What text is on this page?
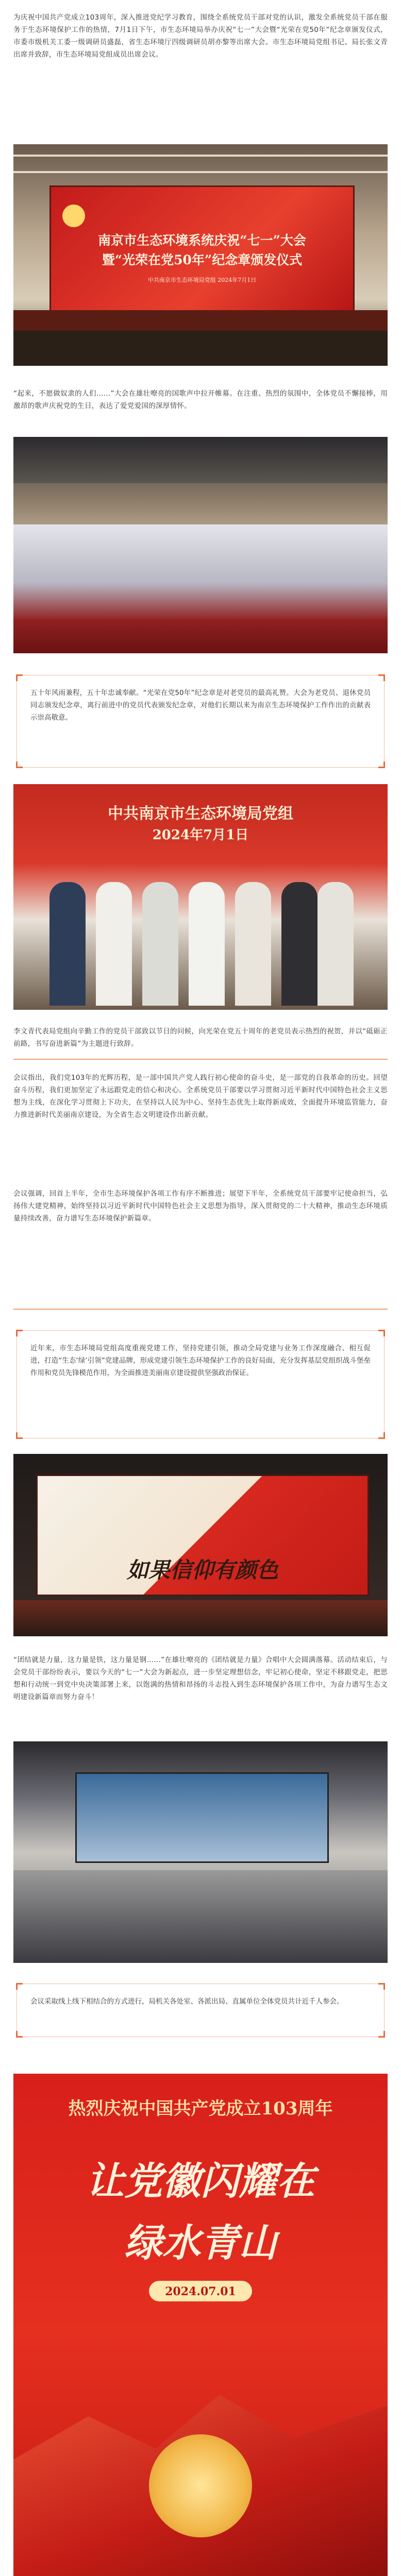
为庆祝中国共产党成立103周年，深入推进党纪学习教育，围绕全系统党员干部对党的认识，激发全系统党员干部在服务于生态环境保护工作的热情，7月1日下午，市生态环境局举办庆祝“七一”大会暨“光荣在党50年”纪念章颁发仪式，市委市级机关工委一级调研员盛磊，省生态环境厅四级调研员胡亦黎等出席大会。市生态环境局党组书记、局长张文青出席并致辞，市生态环境局党组成员出席会议。
南京市生态环境系统庆祝“七一”大会
暨“光荣在党50年”纪念章颁发仪式
中共南京市生态环境局党组 2024年7月1日
“起来，不愿做奴隶的人们……”大会在雄壮嘹亮的国歌声中拉开帷幕。在注重、热烈的氛围中，全体党员不懈接棒，用激昂的歌声庆祝党的生日，表达了爱党爱国的深厚情怀。
五十年风雨兼程，五十年忠诚奉献。“光荣在党50年”纪念章是对老党员的最高礼赞。大会为老党员、退休党员同志颁发纪念章，离行前进中的党员代表颁发纪念章，对他们长期以来为南京生态环境保护工作作出的贡献表示崇高敬意。
中共南京市生态环境局党组
2024年7月1日
李文青代表局党组向辛勤工作的党员干部致以节日的问候，向光荣在党五十周年的老党员表示热烈的祝贺，并以“砥砺正前路，书写奋进新篇”为主题进行致辞。
会议指出，我们党103年的光辉历程，是一部中国共产党人践行初心使命的奋斗史，是一部党的自我革命的历史。回望奋斗历程，我们更加坚定了永远跟党走的信心和决心。全系统党员干部要以学习贯彻习近平新时代中国特色社会主义思想为主线，在深化学习贯彻上下功夫，在坚持以人民为中心、坚持生态优先上取得新成效，全面提升环境监管能力，奋力推进新时代美丽南京建设，为全省生态文明建设作出新贡献。
会议强调，回首上半年，全市生态环境保护各项工作有序不断推进；展望下半年，全系统党员干部要牢记使命担当，弘扬伟大建党精神，始终坚持以习近平新时代中国特色社会主义思想为指导，深入贯彻党的二十大精神，推动生态环境质量持续改善，奋力谱写生态环境保护新篇章。
近年来，市生态环境局党组高度重视党建工作，坚持党建引领，推动全局党建与业务工作深度融合、相互促进，打造“生态‘绿’引领”党建品牌，形成党建引领生态环境保护工作的良好局面，充分发挥基层党组织战斗堡垒作用和党员先锋模范作用，为全面推进美丽南京建设提供坚强政治保证。
如果信仰有颜色
“团结就是力量，这力量是铁，这力量是钢……”在雄壮嘹亮的《团结就是力量》合唱中大会圆满落幕。活动结束后，与会党员干部纷纷表示，要以今天的“七一”大会为新起点，进一步坚定理想信念，牢记初心使命，坚定不移跟党走，把思想和行动统一到党中央决策部署上来，以饱满的热情和昂扬的斗志投入到生态环境保护各项工作中，为奋力谱写生态文明建设新篇章而努力奋斗！
会议采取线上线下相结合的方式进行，局机关各处室、各派出局、直属单位全体党员共计近千人参会。
热烈庆祝中国共产党成立103周年
让党徽闪耀在
绿水青山
2024.07.01
